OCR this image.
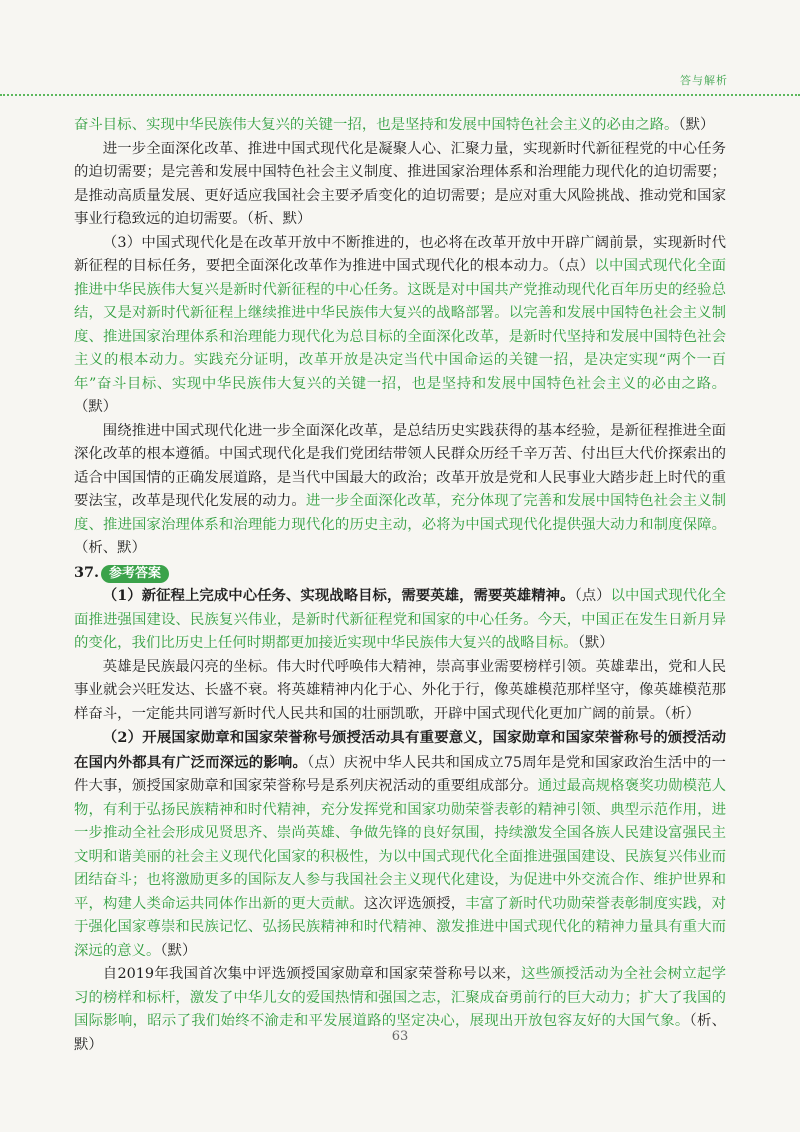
答与解析

奋斗目标、实现中华民族伟大复兴的关键一招，也是坚持和发展中国特色社会主义的必由之路。（默）

进一步全面深化改革、推进中国式现代化是凝聚人心、汇聚力量，实现新时代新征程党的中心任务的迫切需要；是完善和发展中国特色社会主义制度、推进国家治理体系和治理能力现代化的迫切需要；是推动高质量发展、更好适应我国社会主要矛盾变化的迫切需要；是应对重大风险挑战、推动党和国家事业行稳致远的迫切需要。（析、默）

（3）中国式现代化是在改革开放中不断推进的，也必将在改革开放中开辟广阔前景，实现新时代新征程的目标任务，要把全面深化改革作为推进中国式现代化的根本动力。（点）以中国式现代化全面推进中华民族伟大复兴是新时代新征程的中心任务。这既是对中国共产党推动现代化百年历史的经验总结，又是对新时代新征程上继续推进中华民族伟大复兴的战略部署。以完善和发展中国特色社会主义制度、推进国家治理体系和治理能力现代化为总目标的全面深化改革，是新时代坚持和发展中国特色社会主义的根本动力。实践充分证明，改革开放是决定当代中国命运的关键一招，是决定实现“两个一百年”奋斗目标、实现中华民族伟大复兴的关键一招，也是坚持和发展中国特色社会主义的必由之路。（默）

围绕推进中国式现代化进一步全面深化改革，是总结历史实践获得的基本经验，是新征程推进全面深化改革的根本遵循。中国式现代化是我们党团结带领人民群众历经千辛万苦、付出巨大代价探索出的适合中国国情的正确发展道路，是当代中国最大的政治；改革开放是党和人民事业大踏步赶上时代的重要法宝，改革是现代化发展的动力。进一步全面深化改革，充分体现了完善和发展中国特色社会主义制度、推进国家治理体系和治理能力现代化的历史主动，必将为中国式现代化提供强大动力和制度保障。（析、默）

37. 参考答案

（1）新征程上完成中心任务、实现战略目标，需要英雄，需要英雄精神。（点）以中国式现代化全面推进强国建设、民族复兴伟业，是新时代新征程党和国家的中心任务。今天，中国正在发生日新月异的变化，我们比历史上任何时期都更加接近实现中华民族伟大复兴的战略目标。（默）

英雄是民族最闪亮的坐标。伟大时代呼唤伟大精神，崇高事业需要榜样引领。英雄辈出，党和人民事业就会兴旺发达、长盛不衰。将英雄精神内化于心、外化于行，像英雄模范那样坚守，像英雄模范那样奋斗，一定能共同谱写新时代人民共和国的壮丽凯歌，开辟中国式现代化更加广阔的前景。（析）

（2）开展国家勋章和国家荣誉称号颁授活动具有重要意义，国家勋章和国家荣誉称号的颁授活动在国内外都具有广泛而深远的影响。（点）庆祝中华人民共和国成立75周年是党和国家政治生活中的一件大事，颁授国家勋章和国家荣誉称号是系列庆祝活动的重要组成部分。通过最高规格褒奖功勋模范人物，有利于弘扬民族精神和时代精神，充分发挥党和国家功勋荣誉表彰的精神引领、典型示范作用，进一步推动全社会形成见贤思齐、崇尚英雄、争做先锋的良好氛围，持续激发全国各族人民建设富强民主文明和谐美丽的社会主义现代化国家的积极性，为以中国式现代化全面推进强国建设、民族复兴伟业而团结奋斗；也将激励更多的国际友人参与我国社会主义现代化建设，为促进中外交流合作、维护世界和平，构建人类命运共同体作出新的更大贡献。这次评选颁授，丰富了新时代功勋荣誉表彰制度实践，对于强化国家尊崇和民族记忆、弘扬民族精神和时代精神、激发推进中国式现代化的精神力量具有重大而深远的意义。（默）

自2019年我国首次集中评选颁授国家勋章和国家荣誉称号以来，这些颁授活动为全社会树立起学习的榜样和标杆，激发了中华儿女的爱国热情和强国之志，汇聚成奋勇前行的巨大动力；扩大了我国的国际影响，昭示了我们始终不渝走和平发展道路的坚定决心，展现出开放包容友好的大国气象。（析、默）	63
